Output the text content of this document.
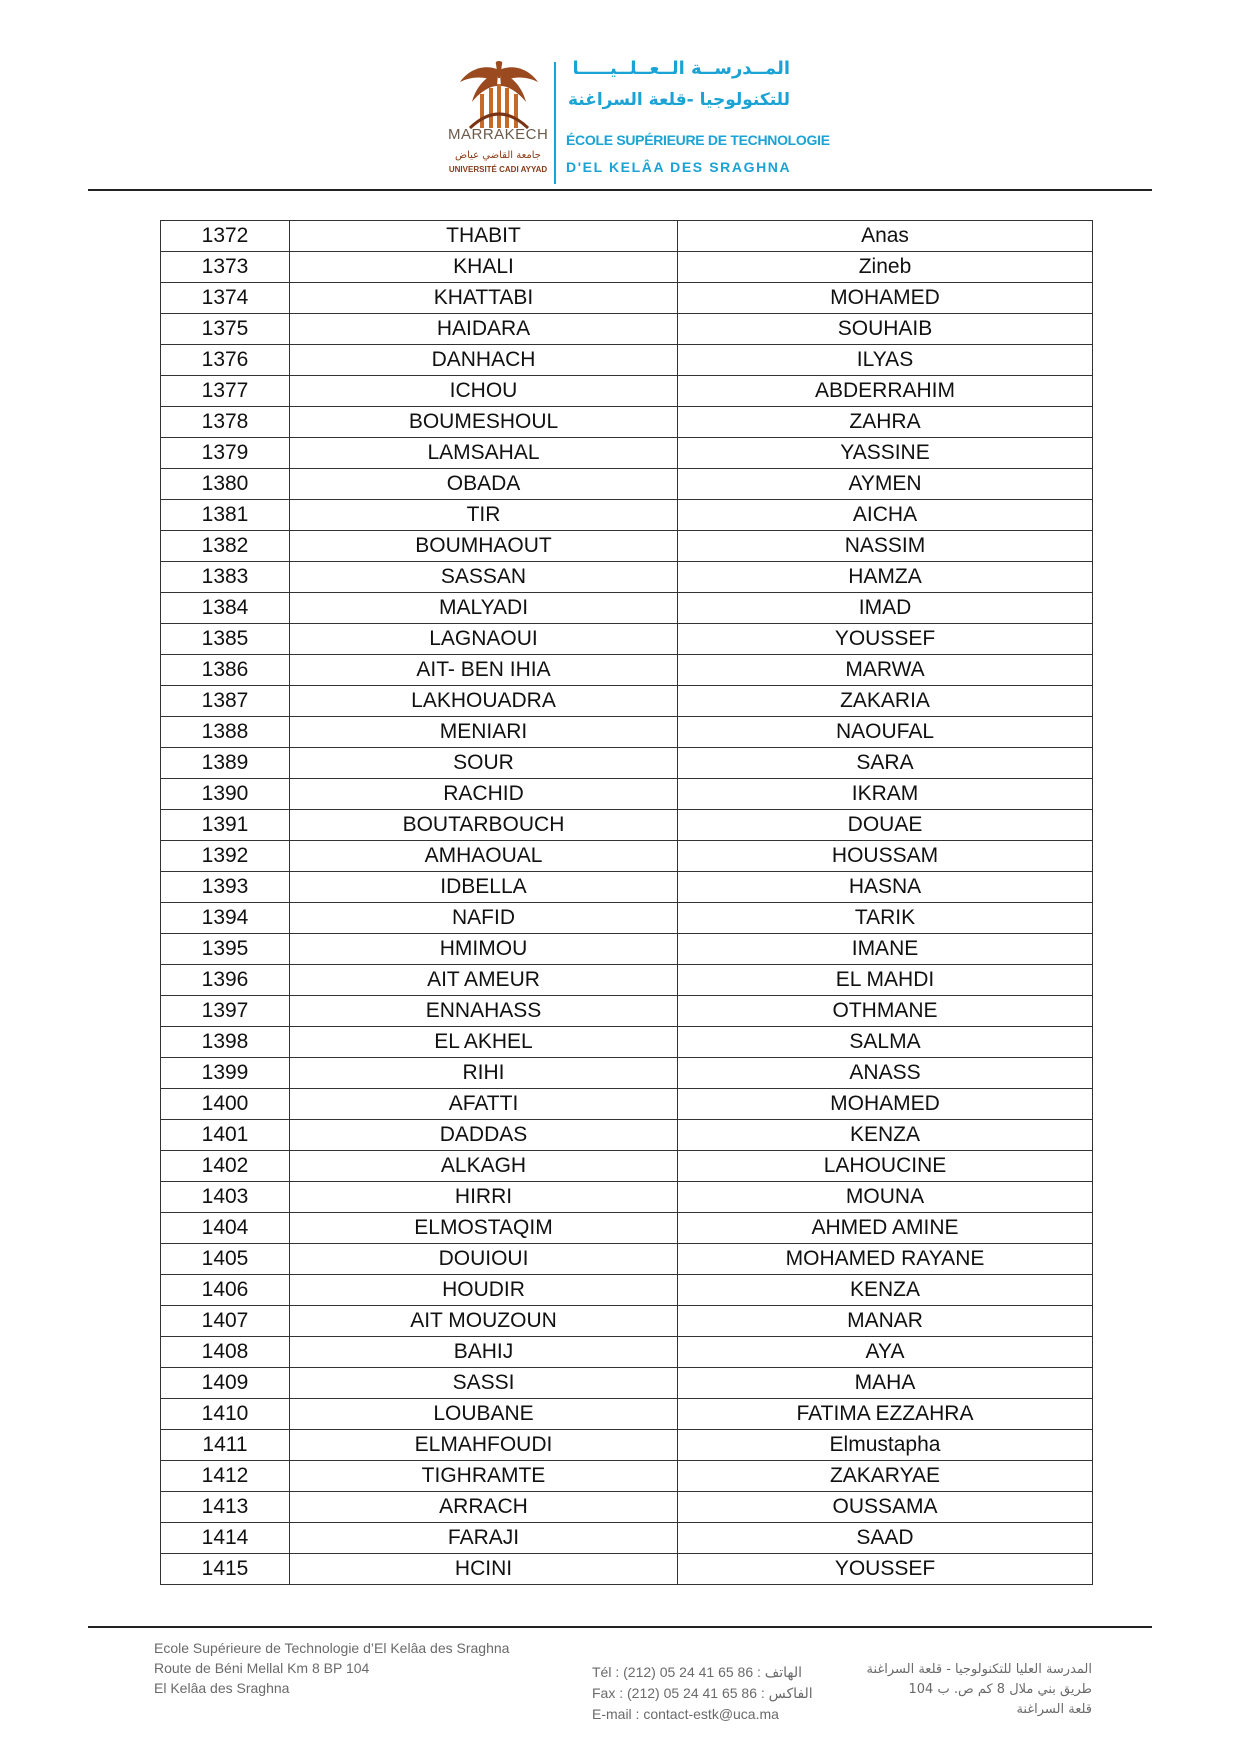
MARRAKECH
جامعة القاضي عياض
UNIVERSITÉ CADI AYYAD
المــدرســة الــعــلــيـــــا
للتكنولوجيا -قلعة السراغنة
ÉCOLE SUPÉRIEURE DE TECHNOLOGIE
D'EL KELÂA DES SRAGHNA
1372	THABIT	Anas
1373	KHALI	Zineb
1374	KHATTABI	MOHAMED
1375	HAIDARA	SOUHAIB
1376	DANHACH	ILYAS
1377	ICHOU	ABDERRAHIM
1378	BOUMESHOUL	ZAHRA
1379	LAMSAHAL	YASSINE
1380	OBADA	AYMEN
1381	TIR	AICHA
1382	BOUMHAOUT	NASSIM
1383	SASSAN	HAMZA
1384	MALYADI	IMAD
1385	LAGNAOUI	YOUSSEF
1386	AIT- BEN IHIA	MARWA
1387	LAKHOUADRA	ZAKARIA
1388	MENIARI	NAOUFAL
1389	SOUR	SARA
1390	RACHID	IKRAM
1391	BOUTARBOUCH	DOUAE
1392	AMHAOUAL	HOUSSAM
1393	IDBELLA	HASNA
1394	NAFID	TARIK
1395	HMIMOU	IMANE
1396	AIT AMEUR	EL MAHDI
1397	ENNAHASS	OTHMANE
1398	EL AKHEL	SALMA
1399	RIHI	ANASS
1400	AFATTI	MOHAMED
1401	DADDAS	KENZA
1402	ALKAGH	LAHOUCINE
1403	HIRRI	MOUNA
1404	ELMOSTAQIM	AHMED AMINE
1405	DOUIOUI	MOHAMED RAYANE
1406	HOUDIR	KENZA
1407	AIT MOUZOUN	MANAR
1408	BAHIJ	AYA
1409	SASSI	MAHA
1410	LOUBANE	FATIMA EZZAHRA
1411	ELMAHFOUDI	Elmustapha
1412	TIGHRAMTE	ZAKARYAE
1413	ARRACH	OUSSAMA
1414	FARAJI	SAAD
1415	HCINI	YOUSSEF
Ecole Supérieure de Technologie d’El Kelâa des Sraghna
Route de Béni Mellal Km 8 BP 104
El Kelâa des Sraghna
Tél : (212) 05 24 41 65 86 : الهاتف
Fax : (212) 05 24 41 65 86 : الفاكس
E-mail : contact-estk@uca.ma
المدرسة العليا للتكنولوجيا - قلعة السراغنة
طريق بني ملال 8 كم ص. ب 104
قلعة السراغنة
